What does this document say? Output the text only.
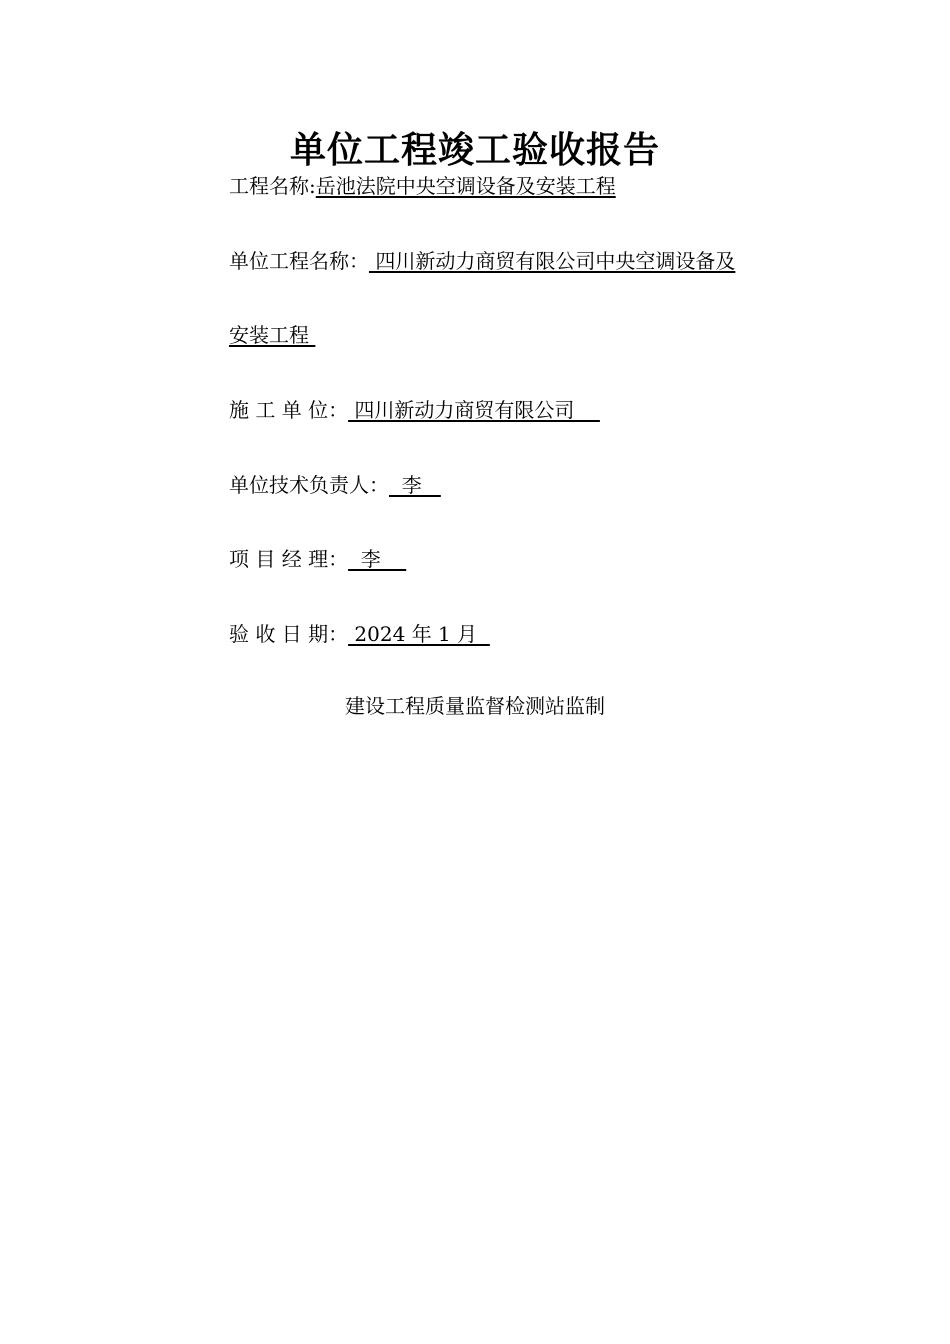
单位工程竣工验收报告
工程名称:岳池法院中央空调设备及安装工程
单位工程名称： 四川新动力商贸有限公司中央空调设备及
安装工程
施 工 单 位： 四川新动力商贸有限公司
单位技术负责人：  李
项 目 经 理：  李
验 收 日 期： 2024 年 1 月
建设工程质量监督检测站监制
